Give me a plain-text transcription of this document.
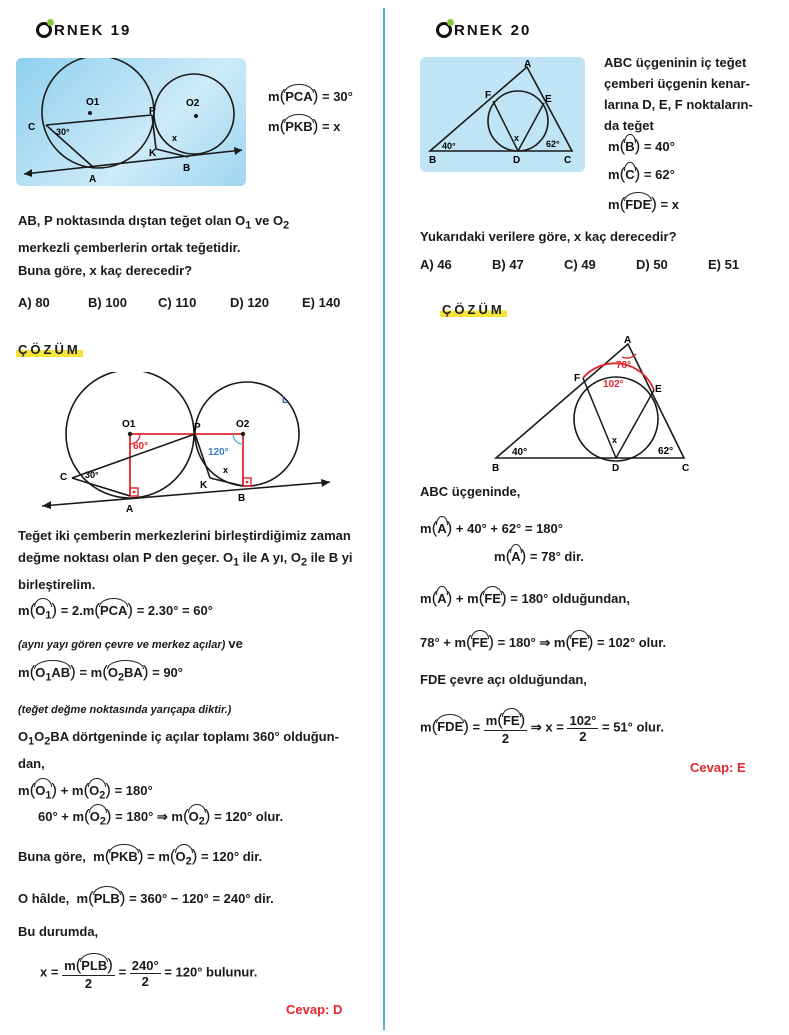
RNEK 19
O1	O2
P
C 30°
K
x
A
B
m(PCA) = 30°
m(PKB) = x
AB, P noktasında dıştan teğet olan $O_1$ ve $O_2$
merkezli çemberlerin ortak teğetidir.
Buna göre, x kaç derecedir?
A) 80	B) 100 C) 110	D) 120	E) 140
ÇÖZÜM
O1	O2
P
L
60°
120°
C 30°
K
x
A
B
Teğet iki çemberin merkezlerini birleştirdiğimiz zaman değme noktası olan P den geçer. $O_1$ ile A yı, $O_2$ ile B yi birleştirelim.
$m(O_1) = 2.m(PCA) = 2.30^\circ = 60^\circ$
(aynı yayı gören çevre ve merkez açılar) ve
$m(O_1AB) = m(O_2BA) = 90^\circ$
(teğet değme noktasında yarıçapa diktir.)
$O_1O_2BA$ dörtgeninde iç açılar toplamı 360° olduğun-
dan,
$m(O_1) + m(O_2) = 180^\circ$
$60^\circ + m(O_2) = 180^\circ$ ⇒ $m(O_2) = 120^\circ$ olur.
Buna göre,  $m(PKB) = m(O_2) = 120^\circ$ dir.
O hâlde,  m(PLB) = 360° − 120° = 240° dir.
Bu durumda,
$x = \frac{\text{m(PLB)}}{2} = \frac{240^\circ}{2} = 120^\circ$ bulunur.
Cevap: D
RNEK 20
A
F	E
x
B
40°
D
62°
C
ABC üçgeninin iç teğet
çemberi üçgenin kenar-
larına D, E, F noktaların-
da teğet
m(B) = 40°
m(C) = 62°
m(FDE) = x
Yukarıdaki verilere göre, x kaç derecedir?
A) 46	B) 47	C) 49	D) 50	E) 51
ÇÖZÜM
A
78°
102°
F
E
x
B
40°
D
62°
C
ABC üçgeninde,
m(A) + 40° + 62° = 180°
m(A) = 78° dir.
m(A) + m(FE) = 180° olduğundan,
78° + m(FE) = 180° ⇒ m(FE) = 102° olur.
FDE çevre açı olduğundan,
$m(FDE) = \frac{m(FE)}{2}$ ⇒ $x = \frac{102^\circ}{2} = 51^\circ$ olur.
Cevap: E
